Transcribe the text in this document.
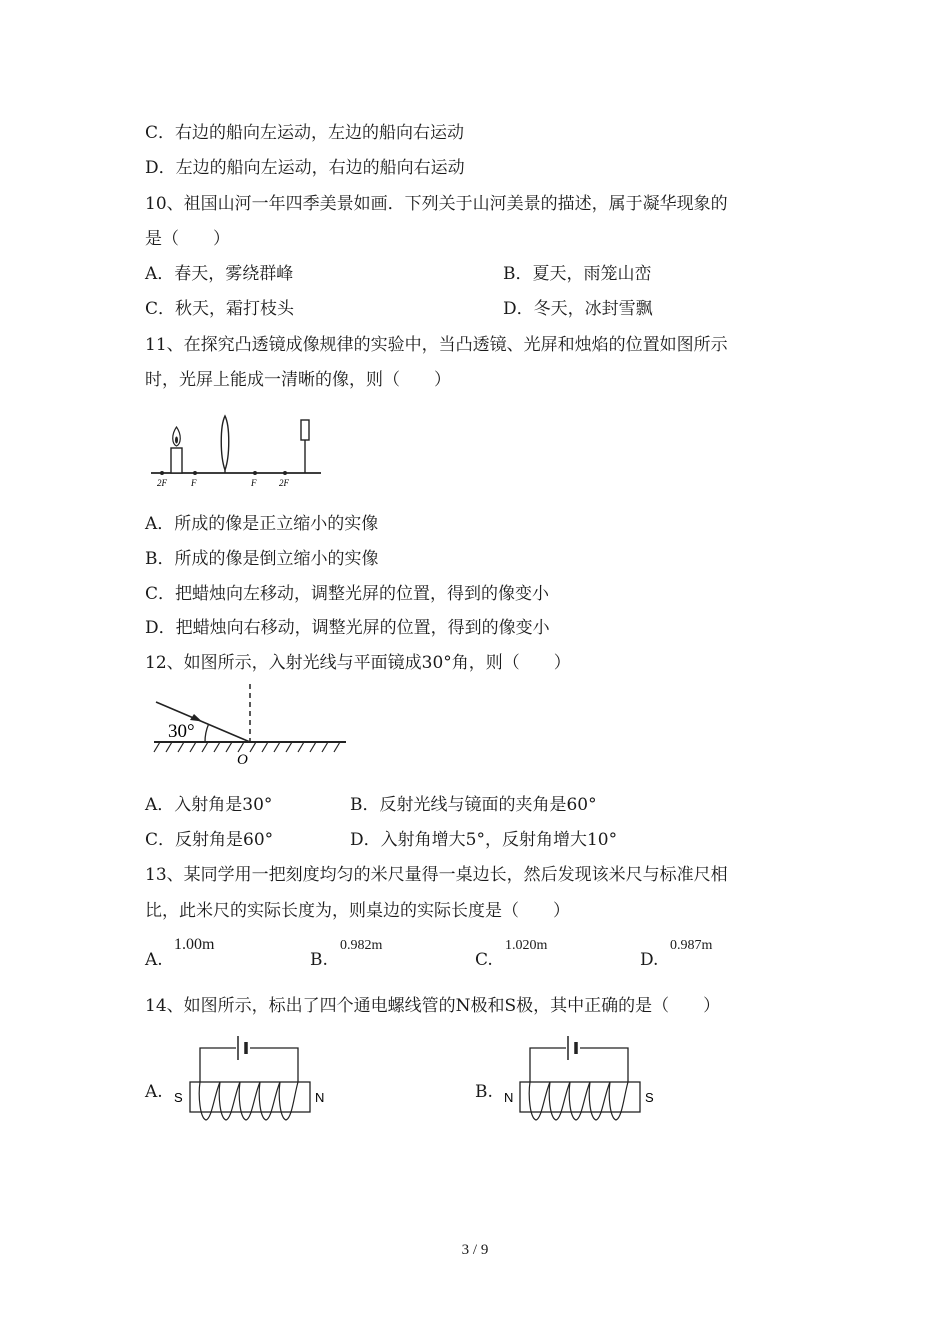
C．右边的船向左运动，左边的船向右运动
D．左边的船向左运动，右边的船向右运动
10、祖国山河一年四季美景如画．下列关于山河美景的描述，属于凝华现象的
是（　　）
A．春天，雾绕群峰	B．夏天，雨笼山峦
C．秋天，霜打枝头	D．冬天，冰封雪飘
11、在探究凸透镜成像规律的实验中，当凸透镜、光屏和烛焰的位置如图所示
时，光屏上能成一清晰的像，则（　　）
2F	F	F	2F
A．所成的像是正立缩小的实像
B．所成的像是倒立缩小的实像
C．把蜡烛向左移动，调整光屏的位置，得到的像变小
D．把蜡烛向右移动，调整光屏的位置，得到的像变小
12、如图所示，入射光线与平面镜成30°角，则（　　）
30°
O
A．入射角是30°	B．反射光线与镜面的夹角是60°
C．反射角是60°	D．入射角增大5°，反射角增大10°
13、某同学用一把刻度均匀的米尺量得一桌边长，然后发现该米尺与标准尺相
比，此米尺的实际长度为，则桌边的实际长度是（　　）
A.
1.00m
B.
0.982m
C.
1.020m
D.
0.987m
14、如图所示，标出了四个通电螺线管的N极和S极，其中正确的是（　　）
A. S	N	B. N	S
3 / 9
